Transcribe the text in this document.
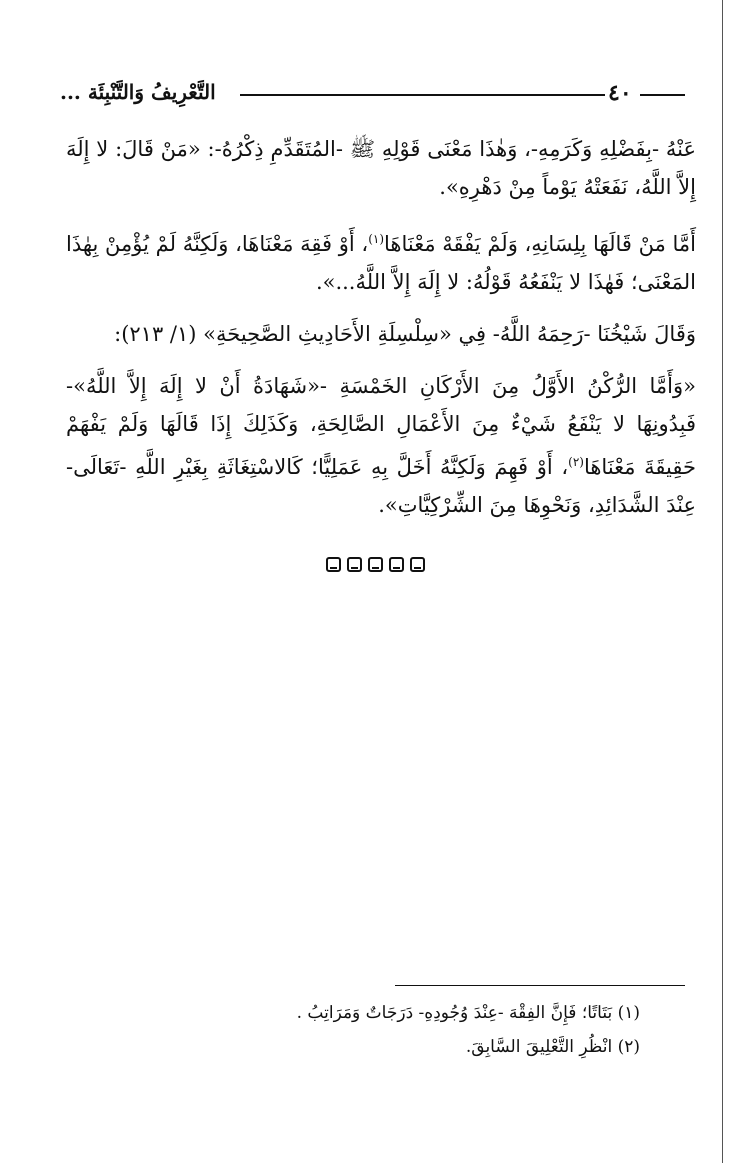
التَّعْرِيفُ وَالتَّنْبِئَة ...	٤٠

عَنْهُ -بِفَضْلِهِ وَكَرَمِهِ-، وَهٰذَا مَعْنَى قَوْلِهِ ﷺ -المُتَقَدِّمِ ذِكْرُهُ-: «مَنْ قَالَ: لا إِلَهَ إِلاَّ اللَّهُ، نَفَعَتْهُ يَوْماً مِنْ دَهْرِهِ».

أَمَّا مَنْ قَالَهَا بِلِسَانِهِ، وَلَمْ يَفْقَهْ مَعْنَاهَا$^{(١)}$، أَوْ فَقِهَ مَعْنَاهَا، وَلَكِنَّهُ لَمْ يُؤْمِنْ بِهٰذَا المَعْنَى؛ فَهٰذَا لا يَنْفَعُهُ قَوْلُهُ: لا إِلَهَ إِلاَّ اللَّهُ...».

وَقَالَ شَيْخُنَا -رَحِمَهُ اللَّهُ- فِي «سِلْسِلَةِ الأَحَادِيثِ الصَّحِيحَةِ» (١/ ٢١٣):

«وَأَمَّا الرُّكْنُ الأَوَّلُ مِنَ الأَرْكَانِ الخَمْسَةِ -«شَهَادَةُ أَنْ لا إِلَهَ إِلاَّ اللَّهُ»- فَبِدُونِهَا لا يَنْفَعُ شَيْءٌ مِنَ الأَعْمَالِ الصَّالِحَةِ، وَكَذَلِكَ إِذَا قَالَهَا وَلَمْ يَفْهَمْ حَقِيقَةَ مَعْنَاهَا$^{(٢)}$، أَوْ فَهِمَ وَلَكِنَّهُ أَخَلَّ بِهِ عَمَلِيًّا؛ كَالاسْتِغَاثَةِ بِغَيْرِ اللَّهِ -تَعَالَى- عِنْدَ الشَّدَائِدِ، وَنَحْوِهَا مِنَ الشِّرْكِيَّاتِ».

(١) بَتَاتًا؛ فَإِنَّ الفِقْهَ -عِنْدَ وُجُودِهِ- دَرَجَاتٌ وَمَرَاتِبُ .
(٢) انْظُرِ التَّعْلِيقَ السَّابِقَ.
